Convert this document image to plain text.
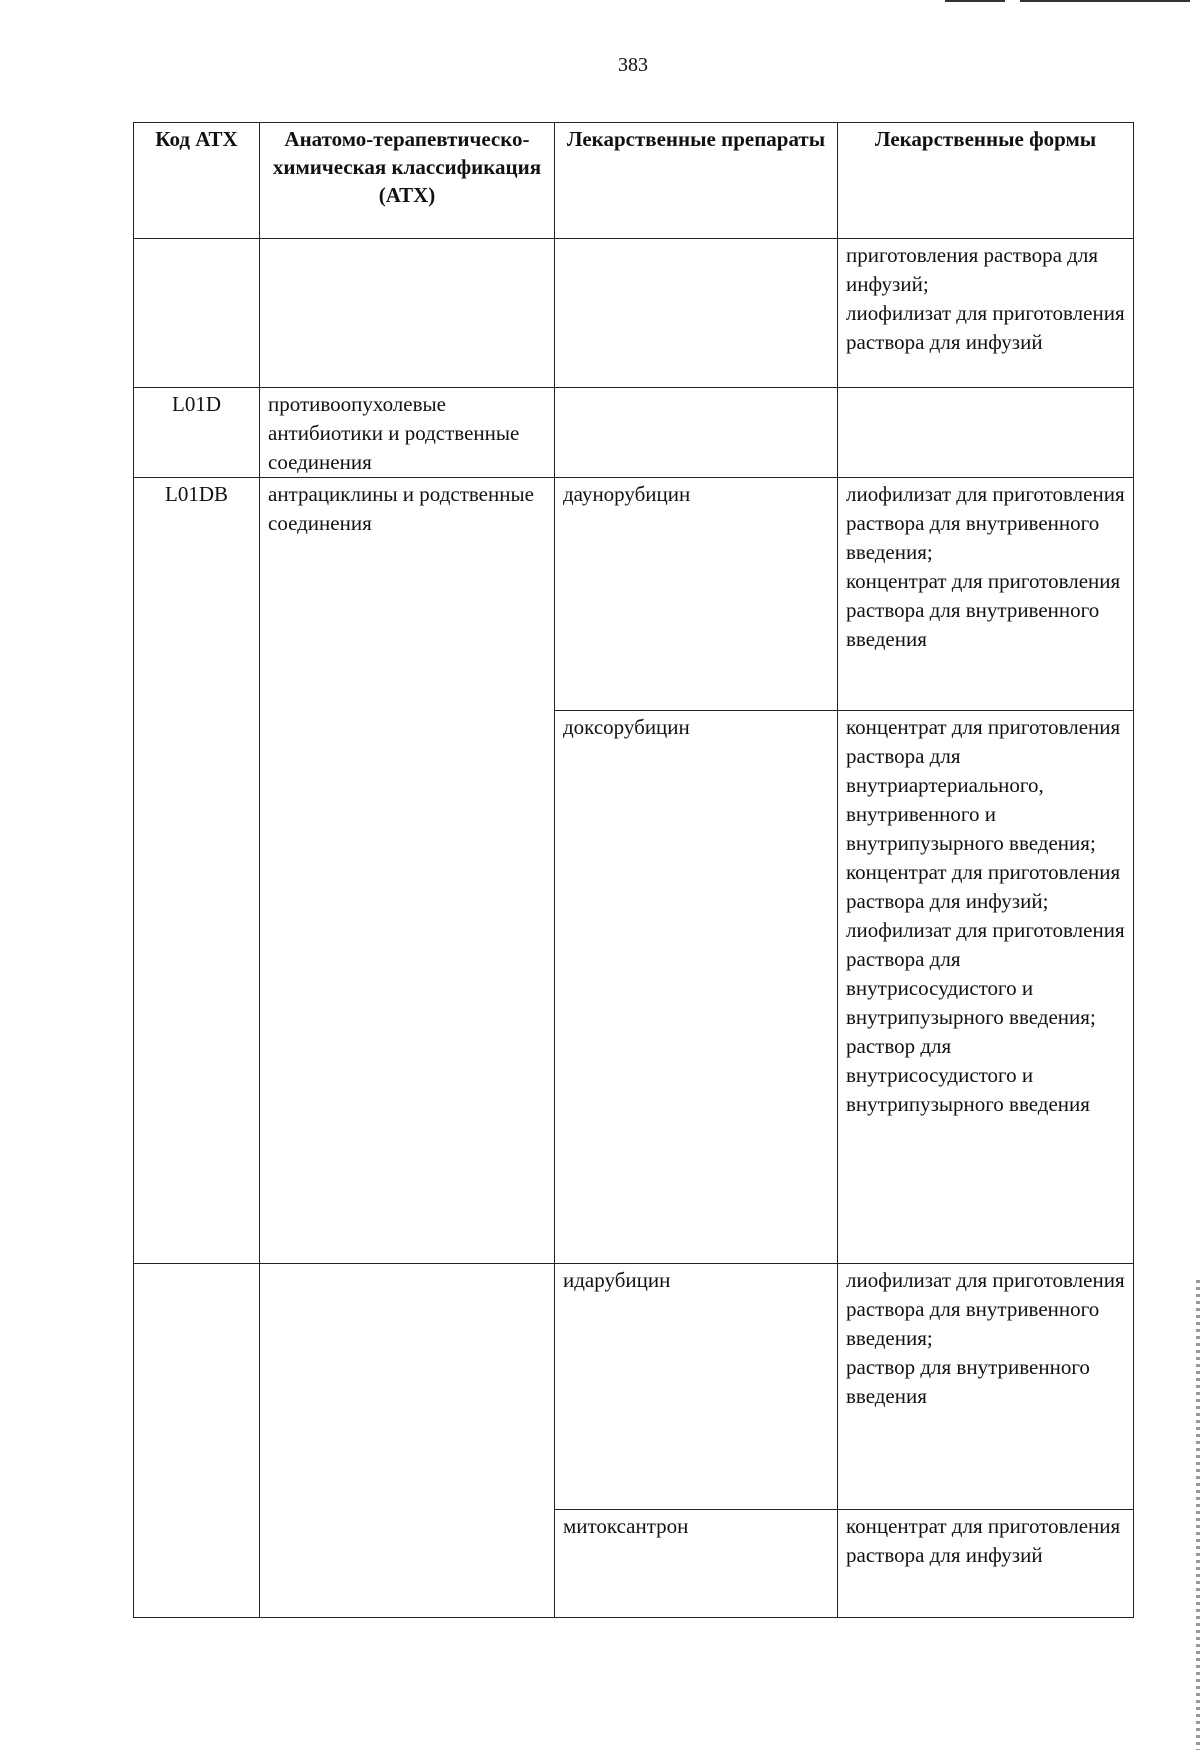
383
Код АТХ	Анатомо-терапевтическо-химическая классификация (АТХ)	Лекарственные препараты	Лекарственные формы
			приготовления раствора для инфузий;
лиофилизат для приготовления раствора для инфузий
L01D	противоопухолевые антибиотики и родственные соединения		
L01DB	антрациклины и родственные соединения	даунорубицин	лиофилизат для приготовления раствора для внутривенного введения;
концентрат для приготовления раствора для внутривенного введения
		доксорубицин	концентрат для приготовления раствора для внутриартериального, внутривенного и внутрипузырного введения;
концентрат для приготовления раствора для инфузий;
лиофилизат для приготовления раствора для внутрисосудистого и внутрипузырного введения;
раствор для внутрисосудистого и внутрипузырного введения
		идарубицин	лиофилизат для приготовления раствора для внутривенного введения;
раствор для внутривенного введения
		митоксантрон	концентрат для приготовления раствора для инфузий
